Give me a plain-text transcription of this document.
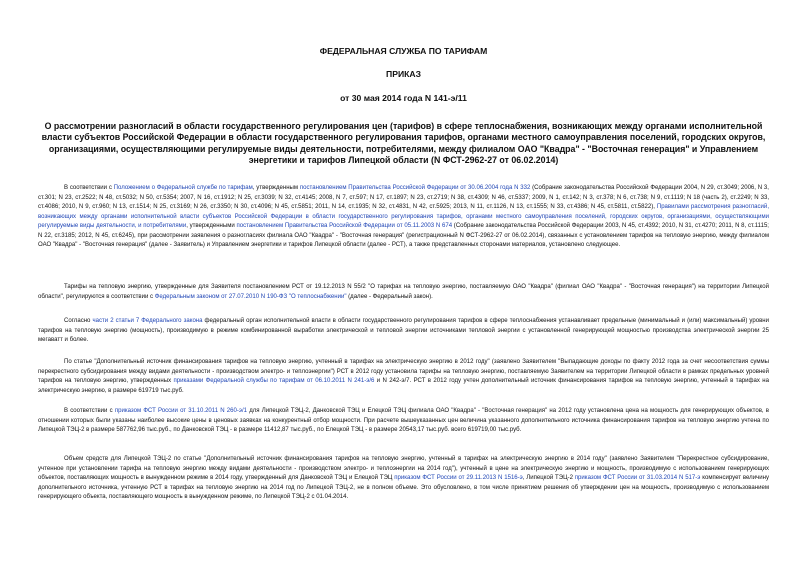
ФЕДЕРАЛЬНАЯ СЛУЖБА ПО ТАРИФАМ
ПРИКАЗ
от 30 мая 2014 года N 141-э/11
О рассмотрении разногласий в области государственного регулирования цен (тарифов) в сфере теплоснабжения, возникающих между органами исполнительной власти субъектов Российской Федерации в области государственного регулирования тарифов, органами местного самоуправления поселений, городских округов, организациями, осуществляющими регулируемые виды деятельности, потребителями, между филиалом ОАО "Квадра" - "Восточная генерация" и Управлением энергетики и тарифов Липецкой области (N ФСТ-2962-27 от 06.02.2014)

В соответствии с Положением о Федеральной службе по тарифам, утвержденным постановлением Правительства Российской Федерации от 30.06.2004 года N 332 (Собрание законодательства Российской Федерации 2004, N 29, ст.3049; 2006, N 3, ст.301; N 23, ст.2522; N 48, ст.5032; N 50, ст.5354; 2007, N 16, ст.1912; N 25, ст.3039; N 32, ст.4145; 2008, N 7, ст.597; N 17, ст.1897; N 23, ст.2719; N 38, ст.4309; N 46, ст.5337; 2009, N 1, ст.142; N 3, ст.378; N 6, ст.738; N 9, ст.1119; N 18 (часть 2), ст.2249; N 33, ст.4086; 2010, N 9, ст.960; N 13, ст.1514; N 25, ст.3169; N 26, ст.3350; N 30, ст.4096; N 45, ст.5851; 2011, N 14, ст.1935; N 32, ст.4831, N 42, ст.5925; 2013, N 11, ст.1126, N 13, ст.1555; N 33, ст.4386; N 45, ст.5811, ст.5822), Правилами рассмотрения разногласий, возникающих между органами исполнительной власти субъектов Российской Федерации в области государственного регулирования тарифов, органами местного самоуправления поселений, городских округов, организациями, осуществляющими регулируемые виды деятельности, и потребителями, утвержденными постановлением Правительства Российской Федерации от 05.11.2003 N 674 (Собрание законодательства Российской Федерации 2003, N 45, ст.4392; 2010, N 31, ст.4270; 2011, N 8, ст.1115; N 22, ст.3185; 2012, N 45, ст.6245), при рассмотрении заявления о разногласиях филиала ОАО "Квадра" - "Восточная генерация" (регистрационный N ФСТ-2962-27 от 06.02.2014), связанных с установлением тарифов на тепловую энергию, между филиалом ОАО "Квадра" - "Восточная генерация" (далее - Заявитель) и Управлением энергетики и тарифов Липецкой области (далее - РСТ), а также представленных сторонами материалов, установлено следующее.

Тарифы на тепловую энергию, утвержденные для Заявителя постановлением РСТ от 19.12.2013 N 55/2 "О тарифах на тепловую энергию, поставляемую ОАО "Квадра" (филиал ОАО "Квадра" - "Восточная генерация") на территории Липецкой области", регулируются в соответствии с Федеральным законом от 27.07.2010 N 190-ФЗ "О теплоснабжении" (далее - Федеральный закон).

Согласно части 2 статьи 7 Федерального закона федеральный орган исполнительной власти в области государственного регулирования тарифов в сфере теплоснабжения устанавливает предельные (минимальный и (или) максимальный) уровни тарифов на тепловую энергию (мощность), производимую в режиме комбинированной выработки электрической и тепловой энергии источниками тепловой энергии с установленной генерирующей мощностью производства электрической энергии 25 мегаватт и более.

По статье "Дополнительный источник финансирования тарифов на тепловую энергию, учтенный в тарифах на электрическую энергию в 2012 году" (заявлено Заявителем "Выпадающие доходы по факту 2012 года за счет несоответствия суммы перекрестного субсидирования между видами деятельности - производством электро- и теплоэнергии") РСТ в 2012 году установила тарифы на тепловую энергию, поставляемую Заявителем на территории Липецкой области в рамках предельных уровней тарифов на тепловую энергию, утвержденных приказами Федеральной службы по тарифам от 06.10.2011 N 241-э/6 и N 242-э/7. РСТ в 2012 году учтен дополнительный источник финансирования тарифов на тепловую энергию, учтенный в тарифах на электрическую энергию, в размере 619719 тыс.руб.

В соответствии с приказом ФСТ России от 31.10.2011 N 260-э/1 для Липецкой ТЭЦ-2, Данковской ТЭЦ и Елецкой ТЭЦ филиала ОАО "Квадра" - "Восточная генерация" на 2012 году установлена цена на мощность для генерирующих объектов, в отношении которых были указаны наиболее высокие цены в ценовых заявках на конкурентный отбор мощности. При расчете вышеуказанных цен величина указанного дополнительного источника финансирования тарифов на тепловую энергию учтена по Липецкой ТЭЦ-2 в размере 587762,96 тыс.руб., по Данковской ТЭЦ - в размере 11412,87 тыс.руб., по Елецкой ТЭЦ - в размере 20543,17 тыс.руб. всего 619719,00 тыс.руб.

Объем средств для Липецкой ТЭЦ-2 по статье "Дополнительный источник финансирования тарифов на тепловую энергию, учтенный в тарифах на электрическую энергию в 2014 году" (заявлено Заявителем "Перекрестное субсидирование, учтенное при установлении тарифа на тепловую энергию между видами деятельности - производством электро- и теплоэнергии на 2014 год"), учтенный в цене на электрическую энергию и мощность, производимую с использованием генерирующих объектов, поставляющих мощность в вынужденном режиме в 2014 году, утвержденный для Данковской ТЭЦ и Елецкой ТЭЦ приказом ФСТ России от 29.11.2013 N 1516-э, Липецкой ТЭЦ-2 приказом ФСТ России от 31.03.2014 N 517-э компенсирует величину дополнительного источника, учтенную РСТ в тарифах на тепловую энергию на 2014 год по Липецкой ТЭЦ-2, не в полном объеме. Это обусловлено, в том числе принятием решения об утверждении цен на мощность, производимую с использованием генерирующего объекта, поставляющего мощность в вынужденном режиме, по Липецкой ТЭЦ-2 с 01.04.2014.
